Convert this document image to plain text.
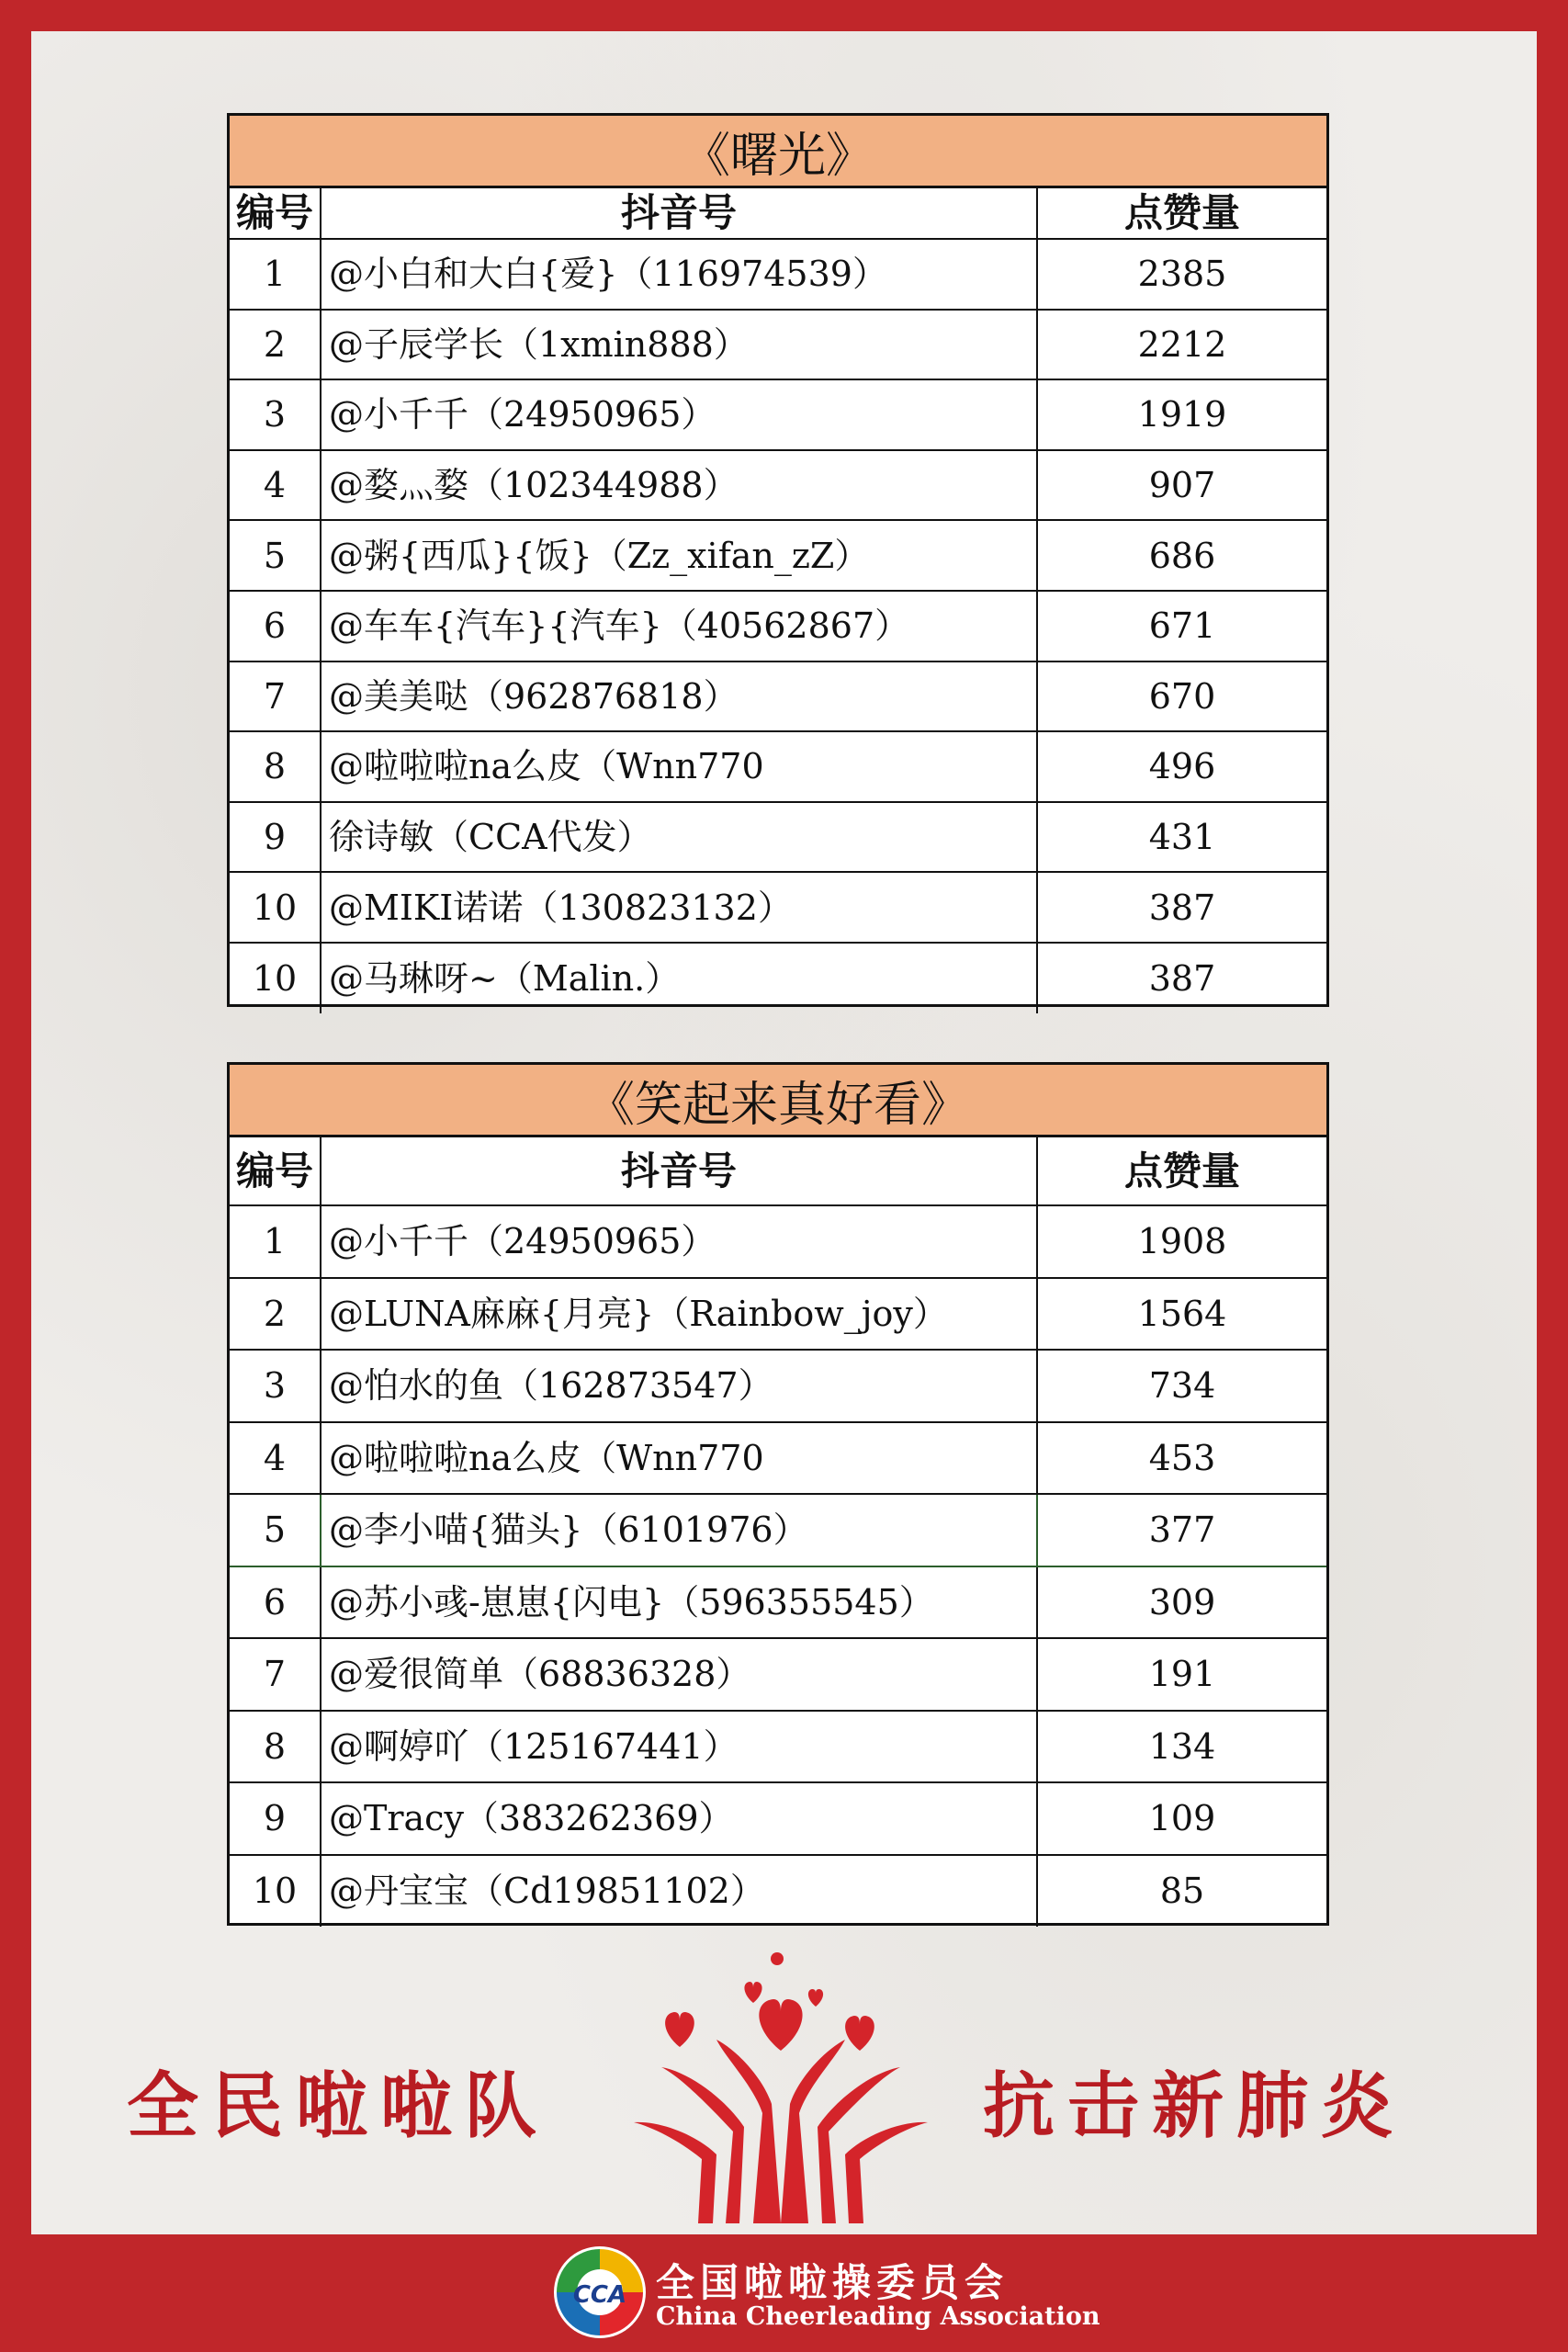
《曙光》
编号	抖音号	点赞量
1	@小白和大白{爱}（116974539）	2385
2	@子辰学长（1xmin888）	2212
3	@小千千（24950965）	1919
4	@婺灬婺（102344988）	907
5	@粥{西瓜}{饭}（Zz_xifan_zZ）	686
6	@车车{汽车}{汽车}（40562867）	671
7	@美美哒（962876818）	670
8	@啦啦啦na么皮（Wnn770	496
9	徐诗敏（CCA代发）	431
10	@MIKI诺诺（130823132）	387
10	@马琳呀~（Malin.）	387
《笑起来真好看》
编号	抖音号	点赞量
1	@小千千（24950965）	1908
2	@LUNA麻麻{月亮}（Rainbow_joy）	1564
3	@怕水的鱼（162873547）	734
4	@啦啦啦na么皮（Wnn770	453
5	@李小喵{猫头}（6101976）	377
6	@苏小彧-崽崽{闪电}（596355545）	309
7	@爱很简单（68836328）	191
8	@啊婷吖（125167441）	134
9	@Tracy（383262369）	109
10	@丹宝宝（Cd19851102）	85
全民啦啦队	抗击新肺炎
CCA 全国啦啦操委员会
China Cheerleading Association
